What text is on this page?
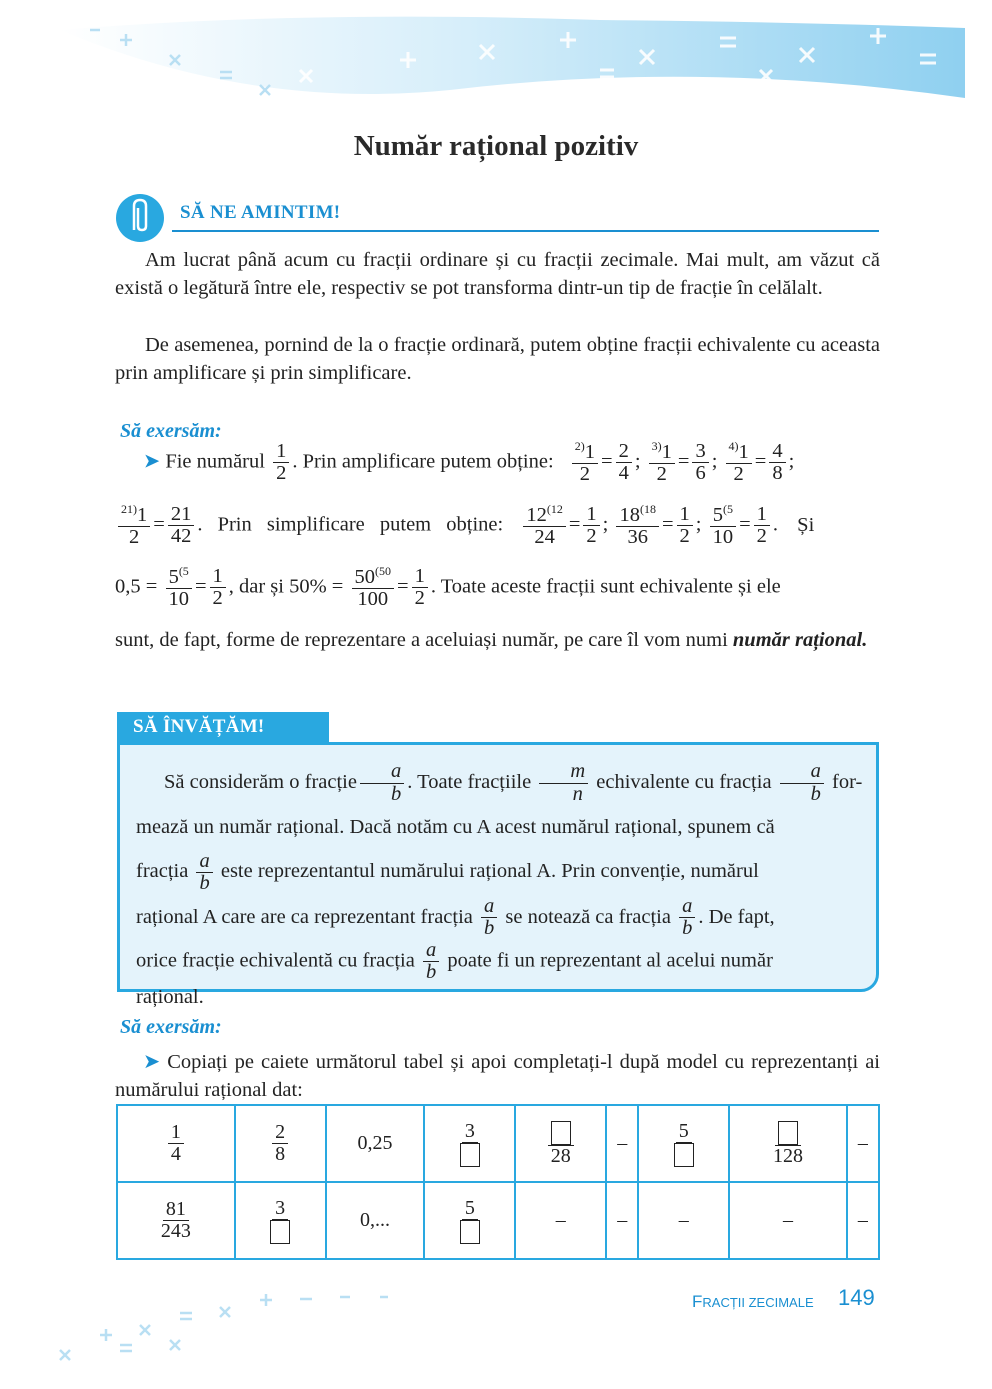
Număr rațional pozitiv
SĂ NE AMINTIM!
Am lucrat până acum cu fracții ordinare și cu fracții zecimale. Mai mult, am văzut că există o legătură între ele, respectiv se pot transforma dintr-un tip de fracție în celălalt.
De asemenea, pornind de la o fracție ordinară, putem obține fracții echivalente cu aceasta prin amplificare și prin simplificare.
Să exersăm:
➤ Fie numărul $\frac{1}{2}$ . Prin amplificare putem obține: $\frac{^{2)}1}{2} = \frac{2}{4}$ ; $\frac{^{3)}1}{2} = \frac{3}{6}$ ; $\frac{^{4)}1}{2} = \frac{4}{8}$ ;
$\frac{^{21)}1}{2} = \frac{21}{42}$ . Prin simplificare putem obține: $\frac{12^{(12}}{24} = \frac{1}{2}$ ; $\frac{18^{(18}}{36} = \frac{1}{2}$ ; $\frac{5^{(5}}{10} = \frac{1}{2}$ . Și
$0,5 = \frac{5^{(5}}{10} = \frac{1}{2}$ , dar și $50\% = \frac{50^{(50}}{100} = \frac{1}{2}$ . Toate aceste fracții sunt echivalente și ele
sunt, de fapt, forme de reprezentare a aceluiași număr, pe care îl vom numi număr rațional.
SĂ ÎNVĂȚĂM!

Să considerăm o fracție $\frac{a}{b}$ . Toate fracțiile $\frac{m}{n}$ echivalente cu fracția $\frac{a}{b} for-$

mează un număr rațional. Dacă notăm cu A acest numărul rațional, spunem că

fracția $\frac{a}{b}$ este reprezentantul numărului rațional A. Prin convenție, numărul

rațional A care are ca reprezentant fracția $\frac{a}{b}$ se notează ca fracția $\frac{a}{b}$ . De fapt,

orice fracție echivalentă cu fracția $\frac{a}{b}$ poate fi un reprezentant al acelui număr

rațional.

Să exersăm:
➤ Copiați pe caiete următorul tabel și apoi completați-l după model cu reprezentanți ai numărului rațional dat:
$\frac{1}{4}$	$\frac{2}{8}$	0,25	3	28	–	5	128	–

$\frac{81}{243}$	3	0,...	5	–	–	–	–	–
FRACȚII ZECIMALE 149
